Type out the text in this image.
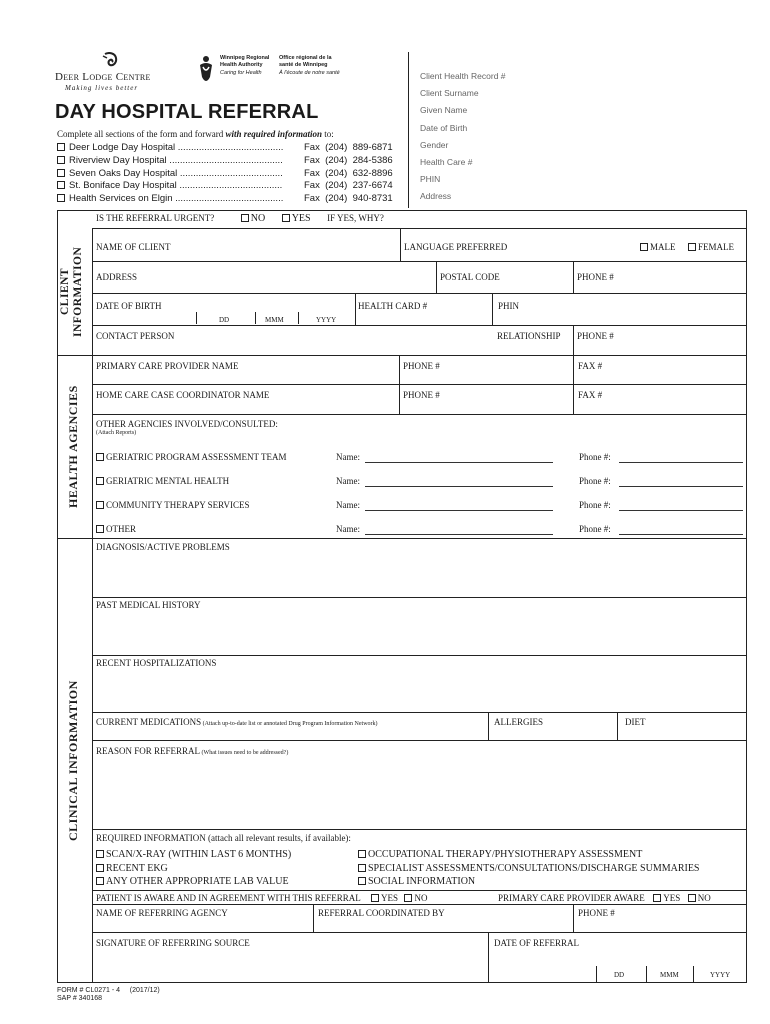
Deer Lodge Centre
Making lives better
Winnipeg Regional
Health Authority
Office régional de la
santé de Winnipeg
Caring for Health	À l'écoute de notre santé
DAY HOSPITAL REFERRAL
Complete all sections of the form and forward with required information to:
Deer Lodge Day Hospital ........................................	Fax  (204)  889-6871
Riverview Day Hospital ...........................................	Fax  (204)  284-5386
Seven Oaks Day Hospital .......................................	Fax  (204)  632-8896
St. Boniface Day Hospital .......................................	Fax  (204)  237-6674
Health Services on Elgin .........................................	Fax  (204)  940-8731
Client Health Record #
Client Surname
Given Name
Date of Birth
Gender
Health Care #
PHIN
Address
CLIENT INFORMATION
HEALTH AGENCIES
CLINICAL INFORMATION
IS THE REFERRAL URGENT?	NO	YES IF YES, WHY?
NAME OF CLIENT	LANGUAGE PREFERRED	MALE	FEMALE
ADDRESS	POSTAL CODE	PHONE #
DATE OF BIRTH
DD	MMM	YYYY
HEALTH CARD #	PHIN
CONTACT PERSON	RELATIONSHIP PHONE #
PRIMARY CARE PROVIDER NAME	PHONE #	FAX #
HOME CARE CASE COORDINATOR NAME	PHONE #	FAX #
OTHER AGENCIES INVOLVED/CONSULTED:
(Attach Reports)
GERIATRIC PROGRAM ASSESSMENT TEAM	Name:	Phone #:
GERIATRIC MENTAL HEALTH	Name:	Phone #:
COMMUNITY THERAPY SERVICES	Name:	Phone #:
OTHER	Name:	Phone #:
DIAGNOSIS/ACTIVE PROBLEMS
PAST MEDICAL HISTORY
RECENT HOSPITALIZATIONS
CURRENT MEDICATIONS (Attach up-to-date list or annotated Drug Program Information Network)	ALLERGIES	DIET
REASON FOR REFERRAL (What issues need to be addressed?)
REQUIRED INFORMATION (attach all relevant results, if available):
SCAN/X-RAY (WITHIN LAST 6 MONTHS)
RECENT EKG
ANY OTHER APPROPRIATE LAB VALUE
OCCUPATIONAL THERAPY/PHYSIOTHERAPY ASSESSMENT
SPECIALIST ASSESSMENTS/CONSULTATIONS/DISCHARGE SUMMARIES
SOCIAL INFORMATION
PATIENT IS AWARE AND IN AGREEMENT WITH THIS REFERRAL YES NO	PRIMARY CARE PROVIDER AWARE YES NO
NAME OF REFERRING AGENCY	REFERRAL COORDINATED BY	PHONE #
SIGNATURE OF REFERRING SOURCE	DATE OF REFERRAL
DD	MMM	YYYY
FORM # CL0271 - 4     (2017/12)
SAP # 340168
